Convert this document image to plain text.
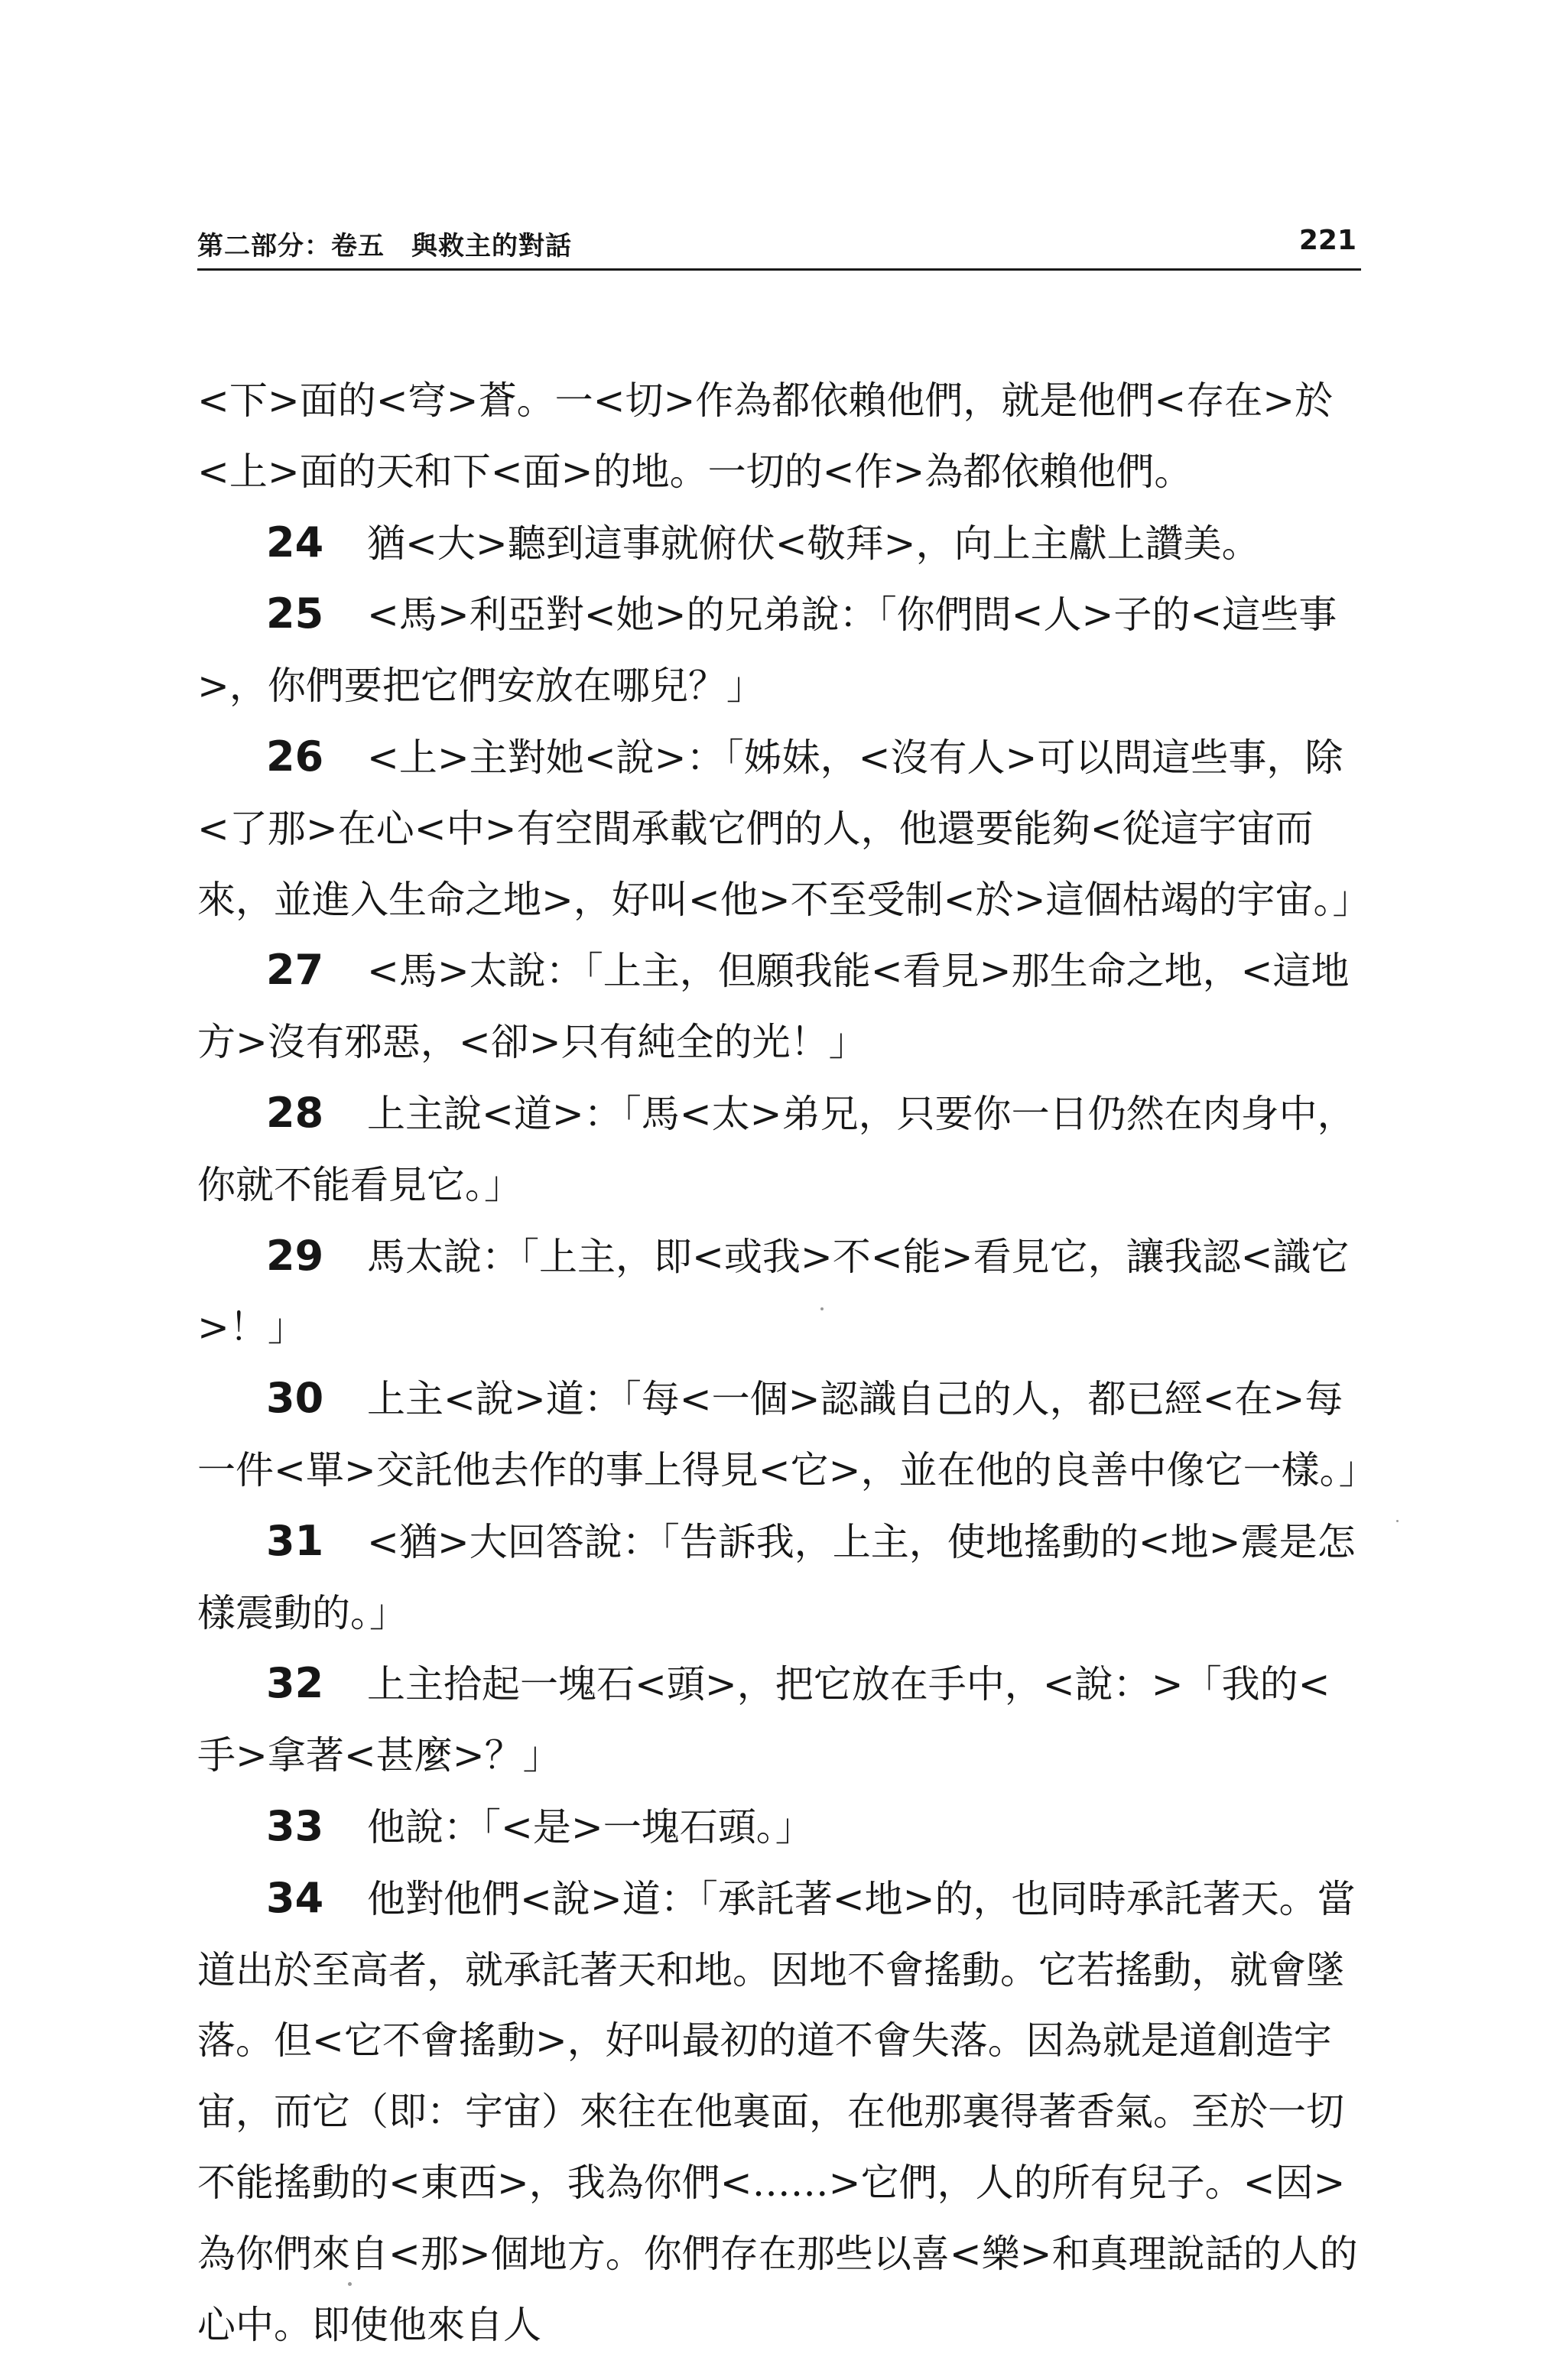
第二部分：卷五　與救主的對話	221

<下>面的<穹>蒼。一<切>作為都依賴他們，就是他們<存在>於<上>面的天和下<面>的地。一切的<作>為都依賴他們。

24 猶<大>聽到這事就俯伏<敬拜>，向上主獻上讚美。

25 <馬>利亞對<她>的兄弟說：「你們問<人>子的<這些事>，你們要把它們安放在哪兒？」

26 <上>主對她<說>：「姊妹，<沒有人>可以問這些事，除<了那>在心<中>有空間承載它們的人，他還要能夠<從這宇宙而來，並進入生命之地>，好叫<他>不至受制<於>這個枯竭的宇宙。」

27 <馬>太說：「上主，但願我能<看見>那生命之地，<這地方>沒有邪惡，<卻>只有純全的光！」

28 上主說<道>：「馬<太>弟兄，只要你一日仍然在肉身中，你就不能看見它。」

29 馬太說：「上主，即<或我>不<能>看見它，讓我認<識它>！」

30 上主<說>道：「每<一個>認識自己的人，都已經<在>每一件<單>交託他去作的事上得見<它>，並在他的良善中像它一樣。」

31 <猶>大回答說：「告訴我，上主，使地搖動的<地>震是怎樣震動的。」

32 上主拾起一塊石<頭>，把它放在手中，<說：>「我的<手>拿著<甚麼>？」

33 他說：「<是>一塊石頭。」

34 他對他們<說>道：「承託著<地>的，也同時承託著天。當道出於至高者，就承託著天和地。因地不會搖動。它若搖動，就會墜落。但<它不會搖動>，好叫最初的道不會失落。因為就是道創造宇宙，而它（即：宇宙）來往在他裏面，在他那裏得著香氣。至於一切不能搖動的<東西>，我為你們<……>它們，人的所有兒子。<因>為你們來自<那>個地方。你們存在那些以喜<樂>和真理說話的人的心中。即使他來自人
